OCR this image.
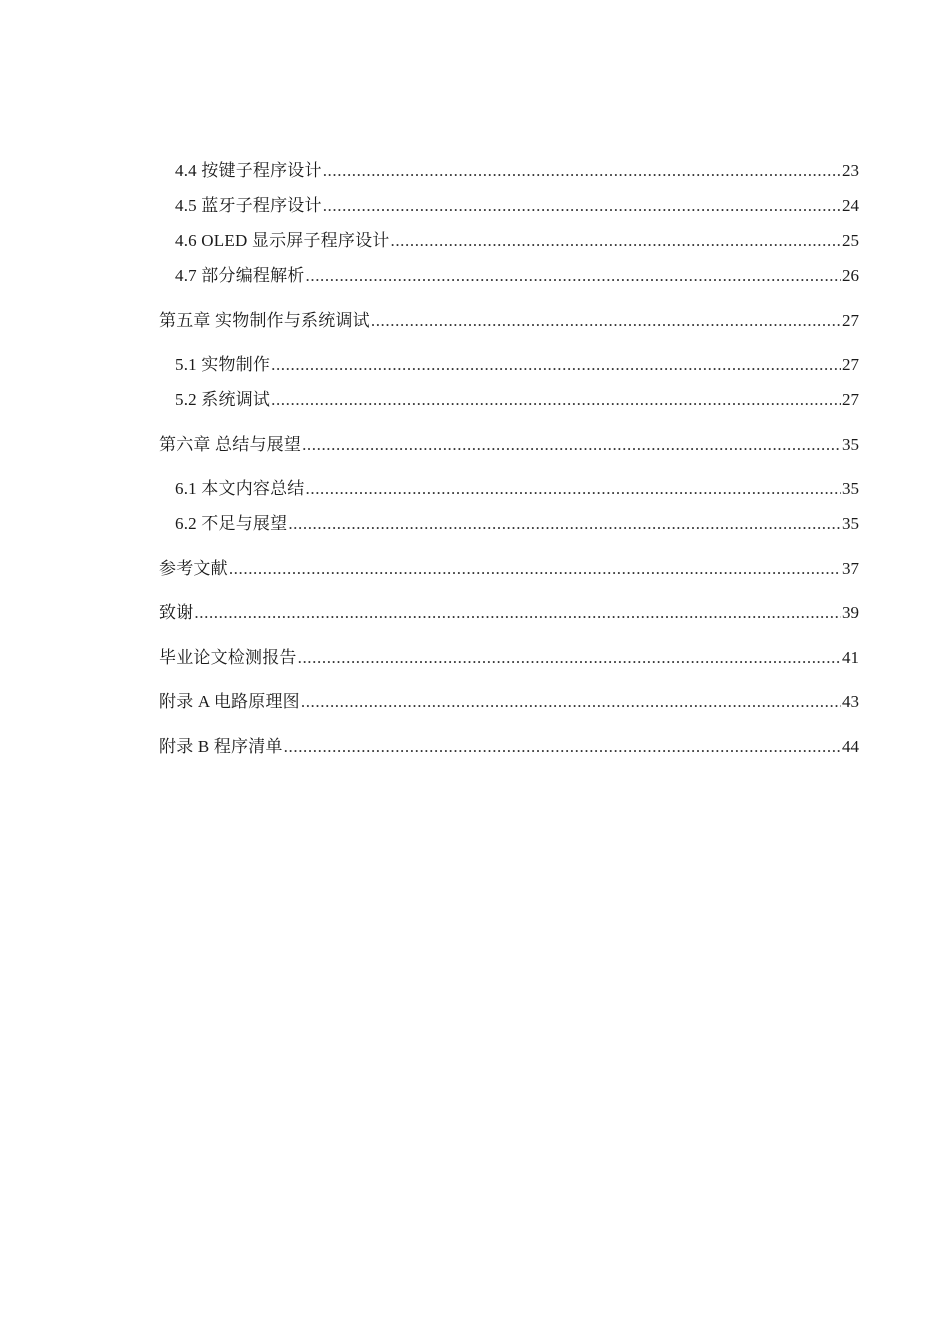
4.4 按键子程序设计 .....	23
4.5 蓝牙子程序设计 .....	24
4.6 OLED 显示屏子程序设计 .....	25
4.7 部分编程解析 .....	26
第五章 实物制作与系统调试 .....	27
5.1 实物制作 .....	27
5.2 系统调试 .....	27
第六章 总结与展望 .....	35
6.1 本文内容总结 .....	35
6.2 不足与展望 .....	35
参考文献 .....	37
致谢 .....	39
毕业论文检测报告 .....	41
附录 A 电路原理图 .....	43
附录 B 程序清单 .....	44
